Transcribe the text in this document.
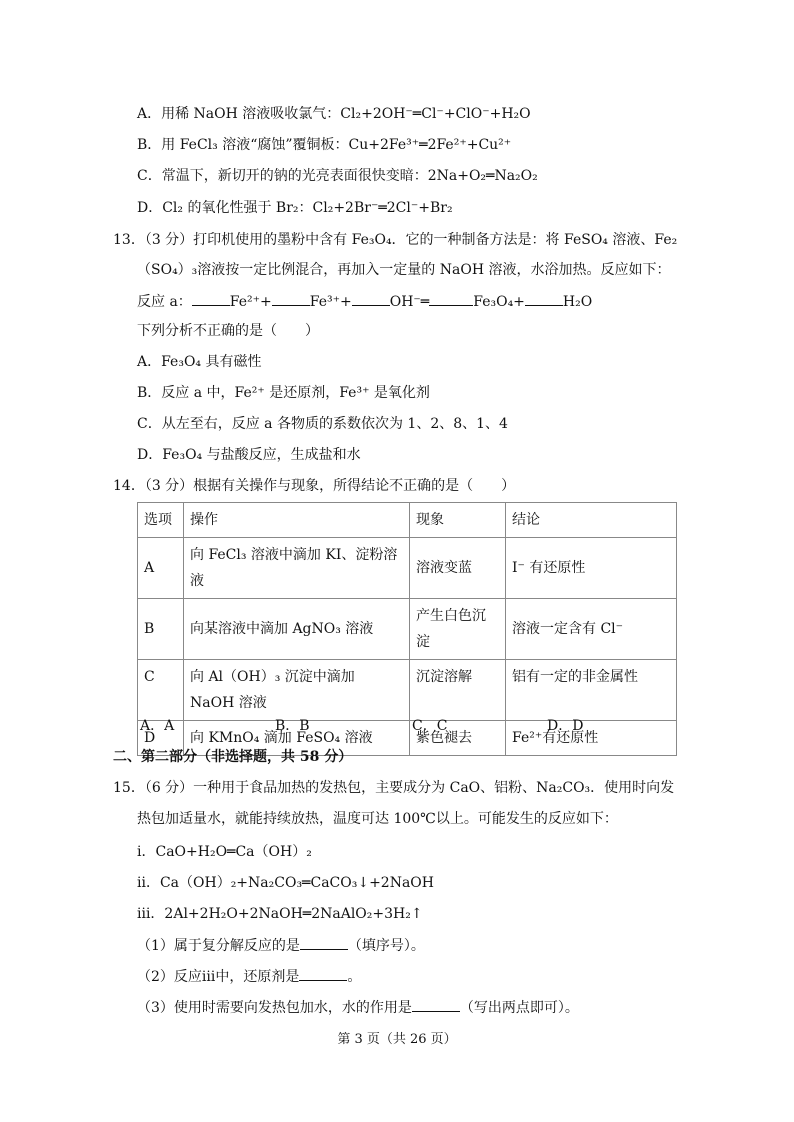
A．用稀 NaOH 溶液吸收氯气：Cl₂+2OH⁻═Cl⁻+ClO⁻+H₂O
B．用 FeCl₃ 溶液“腐蚀”覆铜板：Cu+2Fe³⁺═2Fe²⁺+Cu²⁺
C．常温下，新切开的钠的光亮表面很快变暗：2Na+O₂═Na₂O₂
D．Cl₂ 的氧化性强于 Br₂：Cl₂+2Br⁻═2Cl⁻+Br₂
13．（3 分）打印机使用的墨粉中含有 Fe₃O₄．它的一种制备方法是：将 FeSO₄ 溶液、Fe₂
（SO₄）₃溶液按一定比例混合，再加入一定量的 NaOH 溶液，水浴加热。反应如下：
反应 a：	Fe²⁺+	Fe³⁺+	OH⁻═	Fe₃O₄+	H₂O
下列分析不正确的是（　　）
A．Fe₃O₄ 具有磁性
B．反应 a 中，Fe²⁺ 是还原剂，Fe³⁺ 是氧化剂
C．从左至右，反应 a 各物质的系数依次为 1、2、8、1、4
D．Fe₃O₄ 与盐酸反应，生成盐和水
14．（3 分）根据有关操作与现象，所得结论不正确的是（　　）
选项	操作	现象	结论
A	向 FeCl₃ 溶液中滴加 KI、淀粉溶液	溶液变蓝	I⁻ 有还原性
B	向某溶液中滴加 AgNO₃ 溶液	产生白色沉淀	溶液一定含有 Cl⁻
C	向 Al（OH）₃ 沉淀中滴加 NaOH 溶液	沉淀溶解	铝有一定的非金属性
D	向 KMnO₄ 滴加 FeSO₄ 溶液	紫色褪去	Fe²⁺有还原性
A．A	B．B	C．C	D．D
二、第二部分（非选择题，共 58 分）
15．（6 分）一种用于食品加热的发热包，主要成分为 CaO、铝粉、Na₂CO₃．使用时向发
热包加适量水，就能持续放热，温度可达 100℃以上。可能发生的反应如下：
ⅰ．CaO+H₂O═Ca（OH）₂
ⅱ．Ca（OH）₂+Na₂CO₃═CaCO₃↓+2NaOH
ⅲ．2Al+2H₂O+2NaOH═2NaAlO₂+3H₂↑
（1）属于复分解反应的是	（填序号）。
（2）反应ⅲ中，还原剂是	。
（3）使用时需要向发热包加水，水的作用是	（写出两点即可）。
第 3 页（共 26 页）
